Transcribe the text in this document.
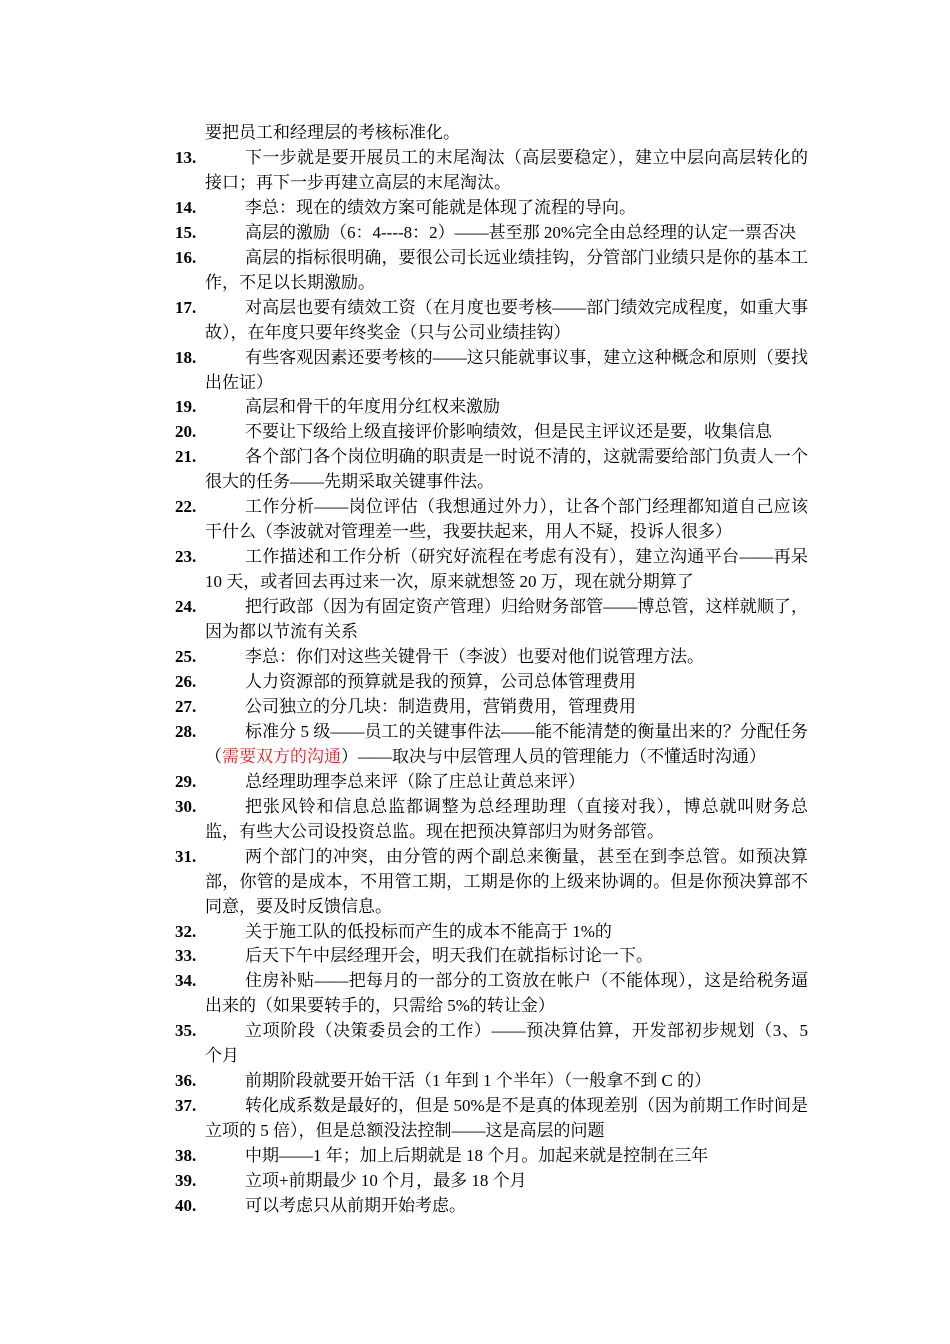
要把员工和经理层的考核标准化。
13.	下一步就是要开展员工的末尾淘汰（高层要稳定），建立中层向高层转化的接口；再下一步再建立高层的末尾淘汰。
14.	李总：现在的绩效方案可能就是体现了流程的导向。
15.	高层的激励（6：4----8：2）——甚至那 20%完全由总经理的认定一票否决
16.	高层的指标很明确，要很公司长远业绩挂钩，分管部门业绩只是你的基本工作，不足以长期激励。
17.	对高层也要有绩效工资（在月度也要考核——部门绩效完成程度，如重大事故），在年度只要年终奖金（只与公司业绩挂钩）
18.	有些客观因素还要考核的——这只能就事议事，建立这种概念和原则（要找出佐证）
19.	高层和骨干的年度用分红权来激励
20.	不要让下级给上级直接评价影响绩效，但是民主评议还是要，收集信息
21.	各个部门各个岗位明确的职责是一时说不清的，这就需要给部门负责人一个很大的任务——先期采取关键事件法。
22.	工作分析——岗位评估（我想通过外力），让各个部门经理都知道自己应该干什么（李波就对管理差一些，我要扶起来，用人不疑，投诉人很多）
23.	工作描述和工作分析（研究好流程在考虑有没有），建立沟通平台——再呆 10 天，或者回去再过来一次，原来就想签 20 万，现在就分期算了
24.	把行政部（因为有固定资产管理）归给财务部管——博总管，这样就顺了，因为都以节流有关系
25.	李总：你们对这些关键骨干（李波）也要对他们说管理方法。
26.	人力资源部的预算就是我的预算，公司总体管理费用
27.	公司独立的分几块：制造费用，营销费用，管理费用
28.	标准分 5 级——员工的关键事件法——能不能清楚的衡量出来的？分配任务（需要双方的沟通）——取决与中层管理人员的管理能力（不懂适时沟通）
29.	总经理助理李总来评（除了庄总让黄总来评）
30.	把张风铃和信息总监都调整为总经理助理（直接对我），博总就叫财务总监，有些大公司设投资总监。现在把预决算部归为财务部管。
31.	两个部门的冲突，由分管的两个副总来衡量，甚至在到李总管。如预决算部，你管的是成本，不用管工期，工期是你的上级来协调的。但是你预决算部不同意，要及时反馈信息。
32.	关于施工队的低投标而产生的成本不能高于 1%的
33.	后天下午中层经理开会，明天我们在就指标讨论一下。
34.	住房补贴——把每月的一部分的工资放在帐户（不能体现），这是给税务逼出来的（如果要转手的，只需给 5%的转让金）
35.	立项阶段（决策委员会的工作）——预决算估算，开发部初步规划（3、5 个月
36.	前期阶段就要开始干活（1 年到 1 个半年）（一般拿不到 C 的）
37.	转化成系数是最好的，但是 50%是不是真的体现差别（因为前期工作时间是立项的 5 倍），但是总额没法控制——这是高层的问题
38.	中期——1 年；加上后期就是 18 个月。加起来就是控制在三年
39.	立项+前期最少 10 个月，最多 18 个月
40.	可以考虑只从前期开始考虑。
